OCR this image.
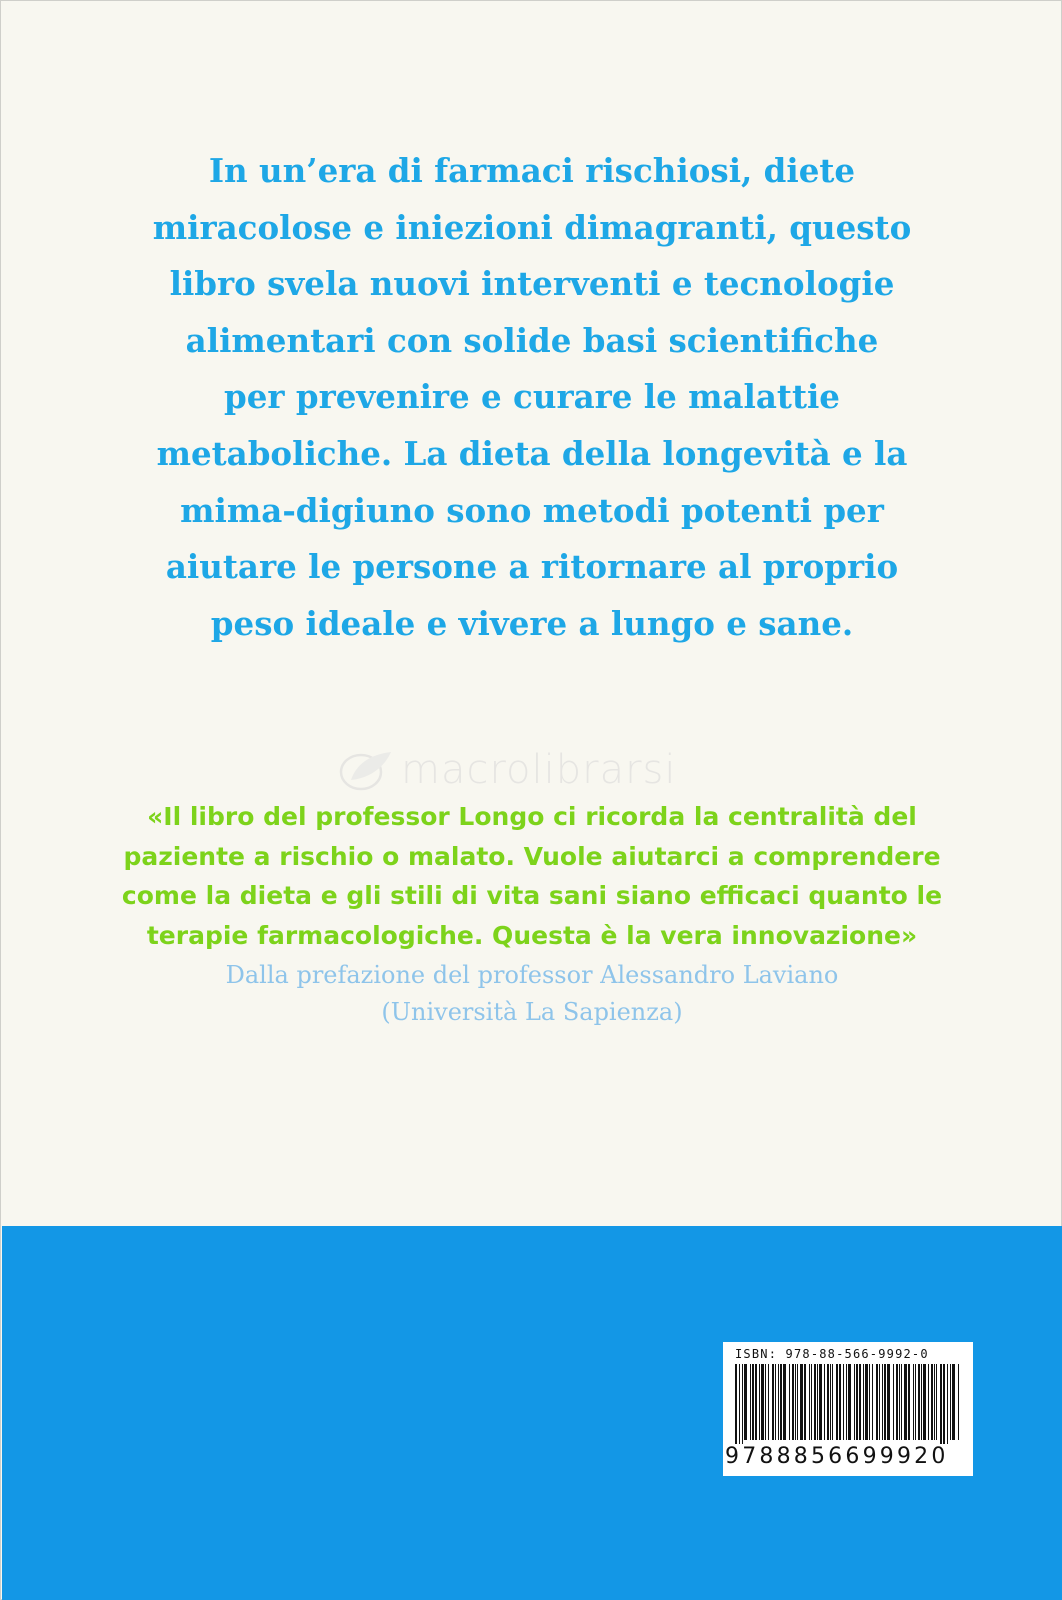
In un’era di farmaci rischiosi, diete
miracolose e iniezioni dimagranti, questo
libro svela nuovi interventi e tecnologie
alimentari con solide basi scientifiche
per prevenire e curare le malattie
metaboliche. La dieta della longevità e la
mima-digiuno sono metodi potenti per
aiutare le persone a ritornare al proprio
peso ideale e vivere a lungo e sane.

macrolibrarsi

«Il libro del professor Longo ci ricorda la centralità del
paziente a rischio o malato. Vuole aiutarci a comprendere
come la dieta e gli stili di vita sani siano efficaci quanto le
terapie farmacologiche. Questa è la vera innovazione»

Dalla prefazione del professor Alessandro Laviano
(Università La Sapienza)

ISBN: 978-88-566-9992-0
9788856699920
